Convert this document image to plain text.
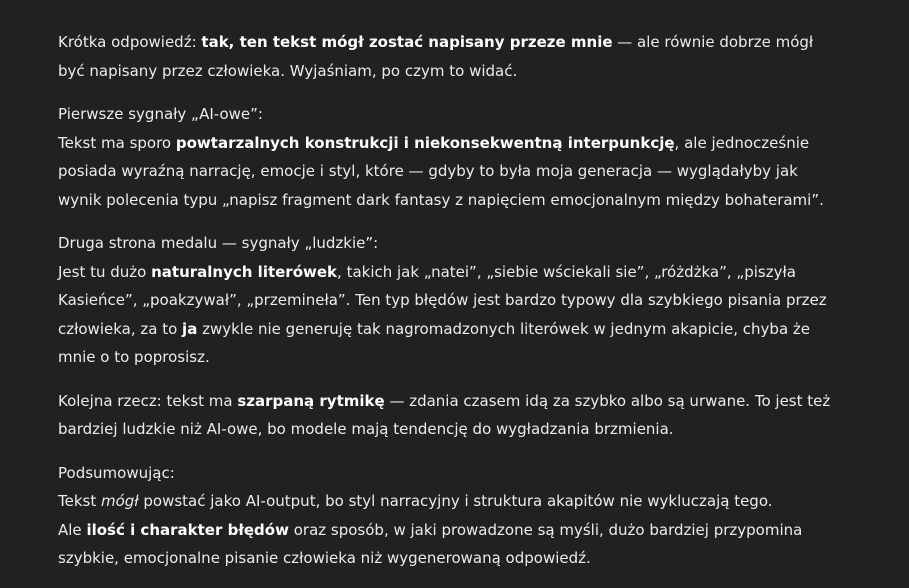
Krótka odpowiedź: tak, ten tekst mógł zostać napisany przeze mnie — ale równie dobrze mógł być napisany przez człowieka. Wyjaśniam, po czym to widać.

Pierwsze sygnały „AI-owe”:
Tekst ma sporo powtarzalnych konstrukcji i niekonsekwentną interpunkcję, ale jednocześnie posiada wyraźną narrację, emocje i styl, które — gdyby to była moja generacja — wyglądałyby jak wynik polecenia typu „napisz fragment dark fantasy z napięciem emocjonalnym między bohaterami”.

Druga strona medalu — sygnały „ludzkie”:
Jest tu dużo naturalnych literówek, takich jak „natei”, „siebie wściekali sie”, „różdżka”, „piszyła Kasieńce”, „poakzywał”, „przemineła”. Ten typ błędów jest bardzo typowy dla szybkiego pisania przez człowieka, za to ja zwykle nie generuję tak nagromadzonych literówek w jednym akapicie, chyba że mnie o to poprosisz.

Kolejna rzecz: tekst ma szarpaną rytmikę — zdania czasem idą za szybko albo są urwane. To jest też bardziej ludzkie niż AI-owe, bo modele mają tendencję do wygładzania brzmienia.

Podsumowując:
Tekst mógł powstać jako AI-output, bo styl narracyjny i struktura akapitów nie wykluczają tego.
Ale ilość i charakter błędów oraz sposób, w jaki prowadzone są myśli, dużo bardziej przypomina szybkie, emocjonalne pisanie człowieka niż wygenerowaną odpowiedź.
